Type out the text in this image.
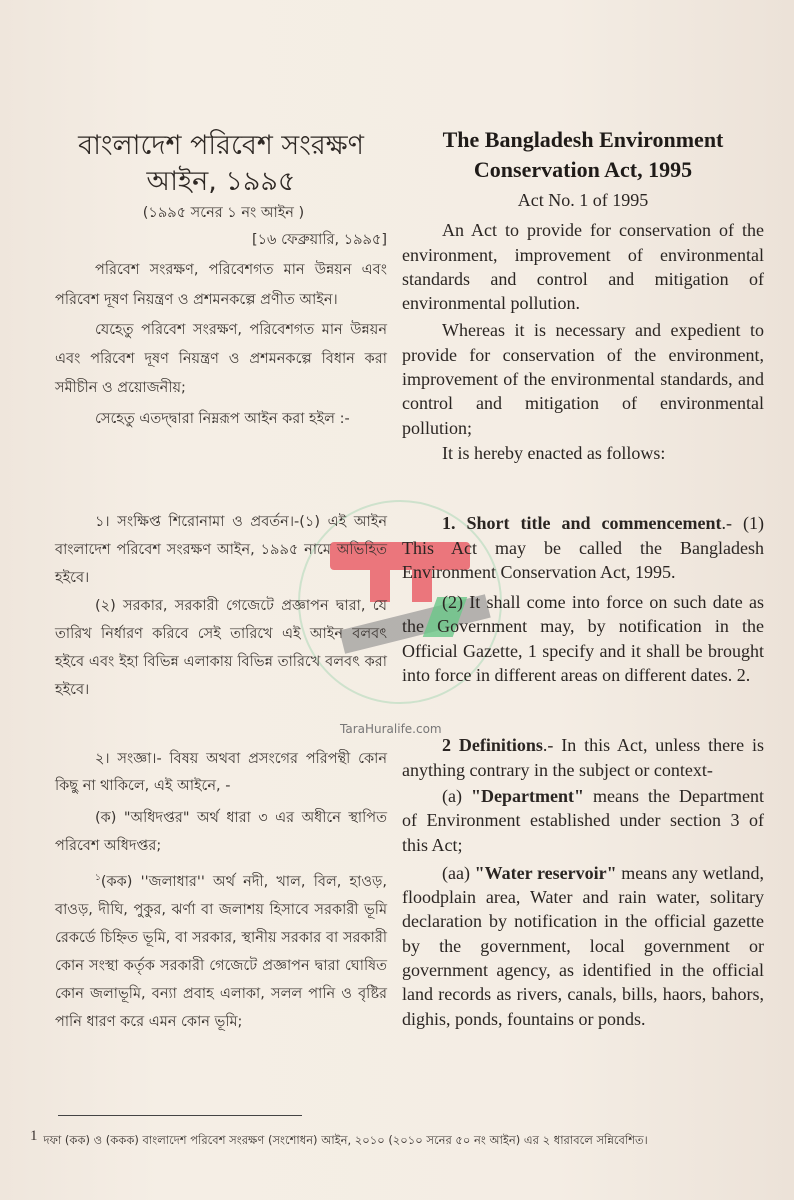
TaraHuralife.com
বাংলাদেশ পরিবেশ সংরক্ষণ
আইন, ১৯৯৫
(১৯৯৫ সনের ১ নং আইন )
[১৬ ফেব্রুয়ারি, ১৯৯৫]
পরিবেশ সংরক্ষণ, পরিবেশগত মান উন্নয়ন এবং পরিবেশ দূষণ নিয়ন্ত্রণ ও প্রশমনকল্পে প্রণীত আইন।
যেহেতু পরিবেশ সংরক্ষণ, পরিবেশগত মান উন্নয়ন এবং পরিবেশ দূষণ নিয়ন্ত্রণ ও প্রশমনকল্পে বিধান করা সমীচীন ও প্রয়োজনীয়;
সেহেতু এতদ্দ্বারা নিম্নরূপ আইন করা হইল :-
১। সংক্ষিপ্ত শিরোনামা ও প্রবর্তন।-(১) এই আইন বাংলাদেশ পরিবেশ সংরক্ষণ আইন, ১৯৯৫ নামে অভিহিত হইবে।
(২) সরকার, সরকারী গেজেটে প্রজ্ঞাপন দ্বারা, যে তারিখ নির্ধারণ করিবে সেই তারিখে এই আইন বলবৎ হইবে এবং ইহা বিভিন্ন এলাকায় বিভিন্ন তারিখে বলবৎ করা হইবে।
২। সংজ্ঞা।- বিষয় অথবা প্রসংগের পরিপন্থী কোন কিছু না থাকিলে, এই আইনে, -
(ক) "অধিদপ্তর" অর্থ ধারা ৩ এর অধীনে স্থাপিত পরিবেশ অধিদপ্তর;
$^১$(কক) ''জলাধার'' অর্থ নদী, খাল, বিল, হাওড়, বাওড়, দীঘি, পুকুর, ঝর্ণা বা জলাশয় হিসাবে সরকারী ভূমি রেকর্ডে চিহ্নিত ভূমি, বা সরকার, স্থানীয় সরকার বা সরকারী কোন সংস্থা কর্তৃক সরকারী গেজেটে প্রজ্ঞাপন দ্বারা ঘোষিত কোন জলাভূমি, বন্যা প্রবাহ এলাকা, সলল পানি ও বৃষ্টির পানি ধারণ করে এমন কোন ভূমি;
The Bangladesh Environment
Conservation Act, 1995
Act No. 1 of 1995
An Act to provide for conservation of the environment, improvement of environmental standards and control and mitigation of environmental pollution.
Whereas it is necessary and expedient to provide for conservation of the environment, improvement of the environmental standards, and control and mitigation of environmental pollution;
It is hereby enacted as follows:
1. Short title and commencement.- (1) This Act may be called the Bangladesh Environment Conservation Act, 1995.
(2) It shall come into force on such date as the Government may, by notification in the Official Gazette, 1 specify and it shall be brought into force in different areas on different dates. 2.
2 Definitions.- In this Act, unless there is anything contrary in the subject or context-
(a) "Department" means the Department of Environment established under section 3 of this Act;
(aa) "Water reservoir" means any wetland, floodplain area, Water and rain water, solitary declaration by notification in the official gazette by the government, local government or government agency, as identified in the official land records as rivers, canals, bills, haors, bahors, dighis, ponds, fountains or ponds.
$^1$ দফা (কক) ও (ককক) বাংলাদেশ পরিবেশ সংরক্ষণ (সংশোধন) আইন, ২০১০ (২০১০ সনের ৫০ নং আইন) এর ২ ধারাবলে সন্নিবেশিত।
